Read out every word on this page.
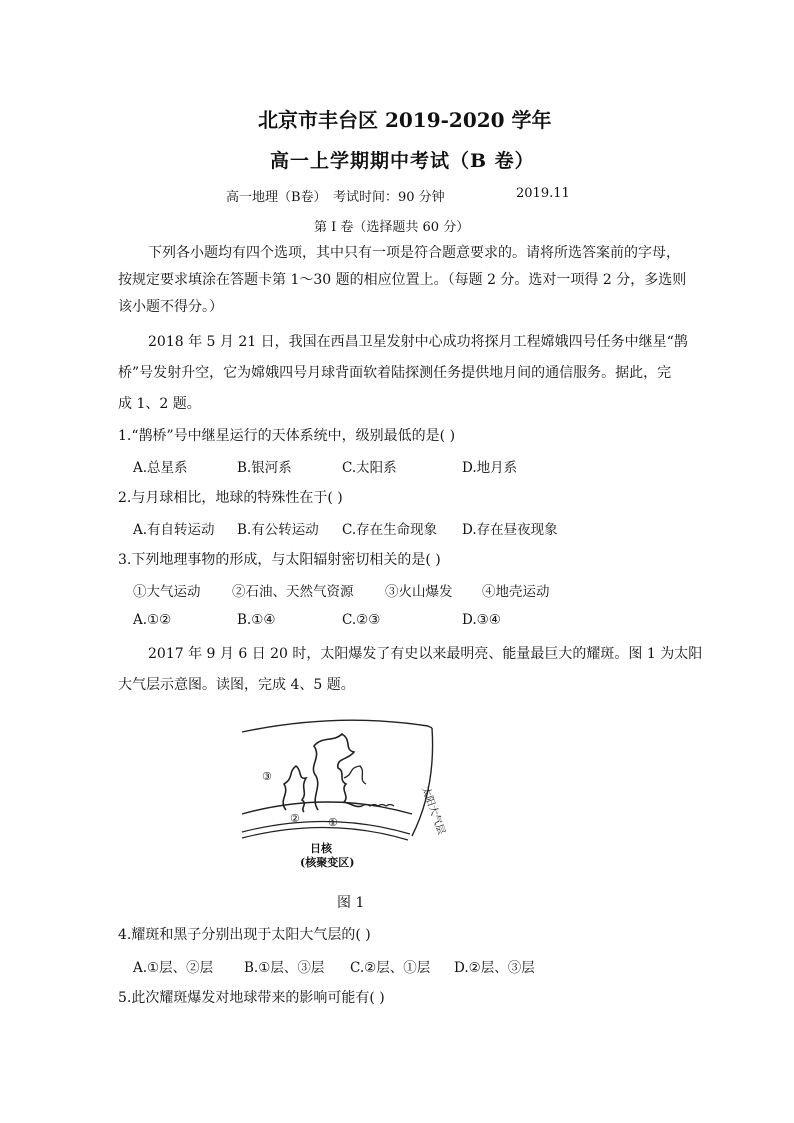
北京市丰台区 2019-2020 学年
高一上学期期中考试（B 卷）
高一地理（B卷） 考试时间：90 分钟	2019.11
第 I 卷（选择题共 60 分）
下列各小题均有四个选项，其中只有一项是符合题意要求的。请将所选答案前的字母，
按规定要求填涂在答题卡第 1～30 题的相应位置上。（每题 2 分。选对一项得 2 分，多选则
该小题不得分。）
2018 年 5 月 21 日，我国在西昌卫星发射中心成功将探月工程嫦娥四号任务中继星“鹊
桥”号发射升空，它为嫦娥四号月球背面软着陆探测任务提供地月间的通信服务。据此，完
成 1、2 题。
1.“鹊桥”号中继星运行的天体系统中，级别最低的是( )
A.总星系	B.银河系	C.太阳系	D.地月系
2.与月球相比，地球的特殊性在于( )
A.有自转运动 B.有公转运动 C.存在生命现象 D.存在昼夜现象
3.下列地理事物的形成，与太阳辐射密切相关的是( )
①大气运动 ②石油、天然气资源 ③火山爆发 ④地壳运动
A.①②	B.①④	C.②③	D.③④
2017 年 9 月 6 日 20 时，太阳爆发了有史以来最明亮、能量最巨大的耀斑。图 1 为太阳
大气层示意图。读图，完成 4、5 题。
③
②	①	太阳大气层
日核
(核聚变区)
图 1
4.耀斑和黑子分别出现于太阳大气层的( )
A.①层、②层 B.①层、③层 C.②层、①层 D.②层、③层
5.此次耀斑爆发对地球带来的影响可能有( )
